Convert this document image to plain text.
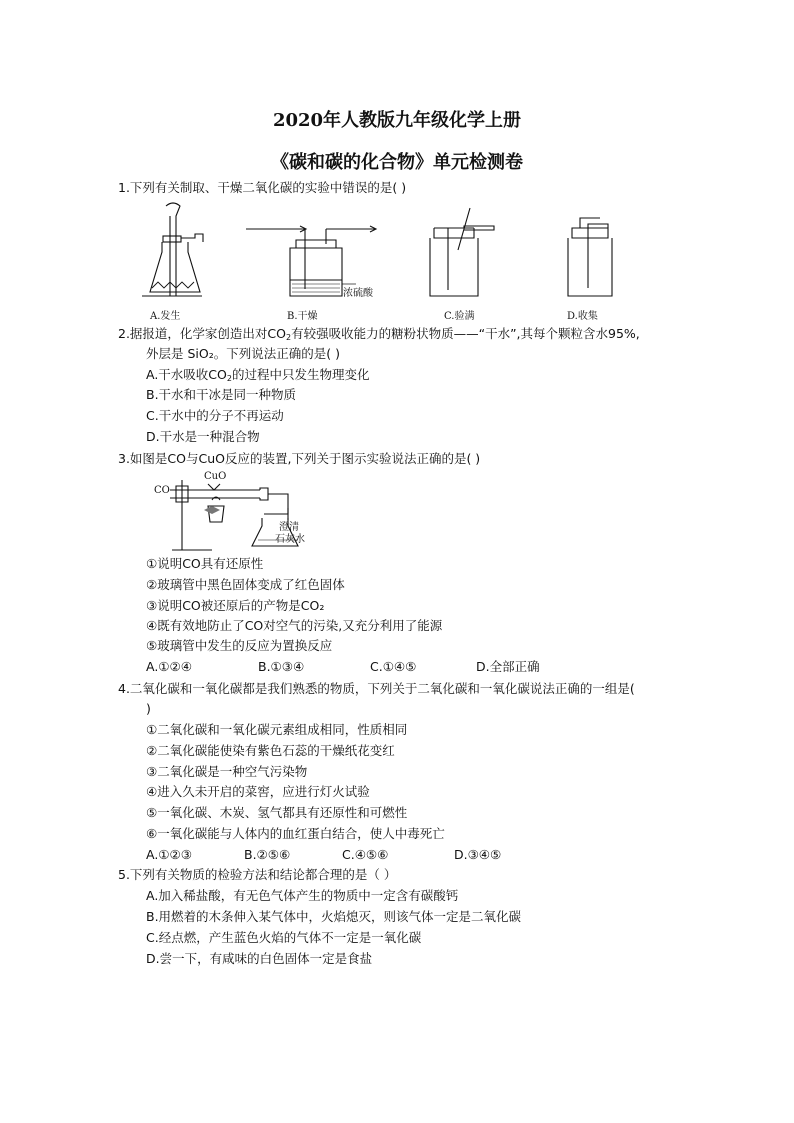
2020年人教版九年级化学上册
《碳和碳的化合物》单元检测卷
1.下列有关制取、干燥二氧化碳的实验中错误的是( )
A.发生	B.干燥
浓硫酸
C.验满	D.收集
2.据报道，化学家创造出对$CO_2$有较强吸收能力的糖粉状物质——“干水”,其每个颗粒含水95%,
外层是 SiO₂。下列说法正确的是( )
A.干水吸收$CO_2$的过程中只发生物理变化
B.干水和干冰是同一种物质
C.干水中的分子不再运动
D.干水是一种混合物
3.如图是CO与CuO反应的装置,下列关于图示实验说法正确的是( )
CO
CuO
澄清
石灰水
①说明CO具有还原性
②玻璃管中黑色固体变成了红色固体
③说明CO被还原后的产物是CO₂
④既有效地防止了CO对空气的污染,又充分利用了能源
⑤玻璃管中发生的反应为置换反应
A.①②④	B.①③④	C.①④⑤	D.全部正确
4.二氧化碳和一氧化碳都是我们熟悉的物质，下列关于二氧化碳和一氧化碳说法正确的一组是(
)
①二氧化碳和一氧化碳元素组成相同，性质相同
②二氧化碳能使染有紫色石蕊的干燥纸花变红
③二氧化碳是一种空气污染物
④进入久未开启的菜窖，应进行灯火试验
⑤一氧化碳、木炭、氢气都具有还原性和可燃性
⑥一氧化碳能与人体内的血红蛋白结合，使人中毒死亡
A.①②③	B.②⑤⑥	C.④⑤⑥	D.③④⑤
5.下列有关物质的检验方法和结论都合理的是（ ）
A.加入稀盐酸，有无色气体产生的物质中一定含有碳酸钙
B.用燃着的木条伸入某气体中，火焰熄灭，则该气体一定是二氧化碳
C.经点燃，产生蓝色火焰的气体不一定是一氧化碳
D.尝一下，有咸味的白色固体一定是食盐
